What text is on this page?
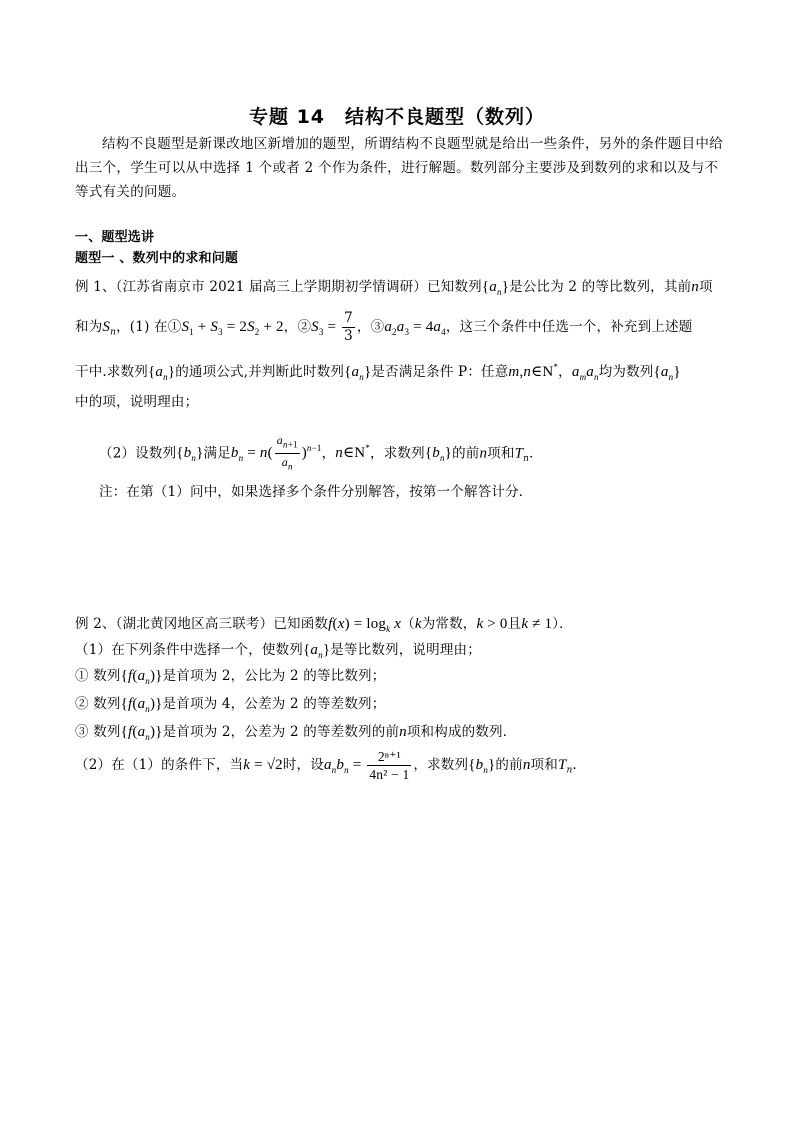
专题 14　结构不良题型（数列）
结构不良题型是新课改地区新增加的题型，所谓结构不良题型就是给出一些条件，另外的条件题目中给出三个，学生可以从中选择 1 个或者 2 个作为条件，进行解题。数列部分主要涉及到数列的求和以及与不等式有关的问题。
一、题型选讲
题型一 、数列中的求和问题
例 1、（江苏省南京市 2021 届高三上学期期初学情调研）已知数列$\{a_n\}$是公比为 2 的等比数列，其前n项
和为$S_n$，(1) 在$①S_1 + S_3 = 2S_2 + 2$，$②S_3 = \frac{7}{3}$ ，$③a_2a_3 = 4a_4$，这三个条件中任选一个，补充到上述题
干中.求数列$\{a_n\}$的通项公式,并判断此时数列$\{a_n\}$是否满足条件 P：任意m,n∈N*，$a_ma_n$均为数列$\{a_n\}$
中的项，说明理由；
（2）设数列$\{b_n\}$满足$b_n = n( \frac{a_{n+1}}{a_n} )^{n-1}$，n∈N*，求数列$\{b_n\}$的前n项和$T_n$．
注：在第（1）问中，如果选择多个条件分别解答，按第一个解答计分．
例 2、（湖北黄冈地区高三联考）已知函数$f(x) = \log_k x(k$为常数，k > 0且k ≠ 1）．
（1）在下列条件中选择一个，使数列$\{a_n\}$是等比数列，说明理由；
① 数列$\{f(a_n)\}$是首项为 2，公比为 2 的等比数列；
② 数列$\{f(a_n)\}$是首项为 4，公差为 2 的等差数列；
③ 数列$\{f(a_n)\}$是首项为 2，公差为 2 的等差数列的前n项和构成的数列．
（2）在（1）的条件下，当k = √2时，设$a_nb_n = \frac{\text{2ⁿ⁺¹}}{\text{4n² − 1}}$ ，求数列$\{b_n\}$的前n项和$T_n$．
